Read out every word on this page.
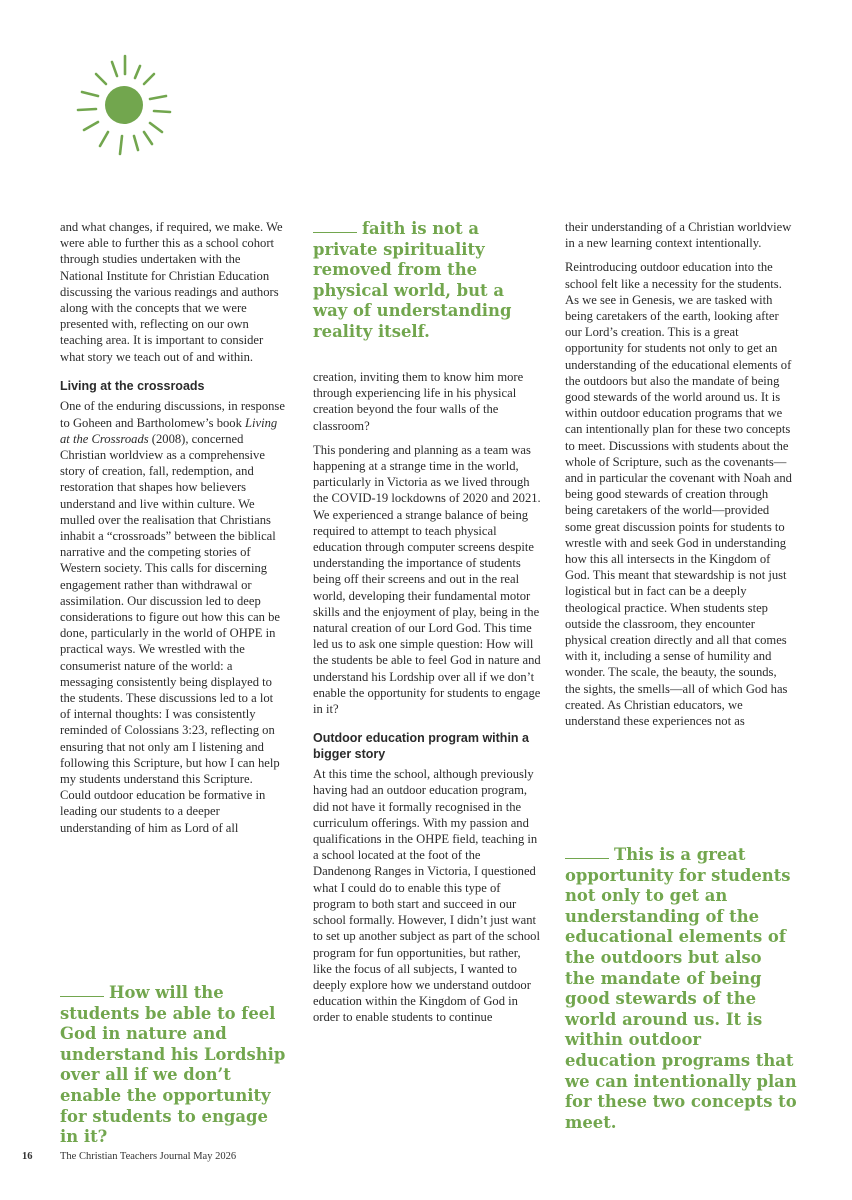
faith is not a private spirituality removed from the physical world, but a way of understanding reality itself.

and what changes, if required, we make. We were able to further this as a school cohort through studies undertaken with the National Institute for Christian Education discussing the various readings and authors along with the concepts that we were presented with, reflecting on our own teaching area. It is important to consider what story we teach out of and within.

Living at the crossroads

One of the enduring discussions, in response to Goheen and Bartholomew’s book Living at the Crossroads (2008), concerned Christian worldview as a comprehensive story of creation, fall, redemption, and restoration that shapes how believers understand and live within culture. We mulled over the realisation that Christians inhabit a “crossroads” between the biblical narrative and the competing stories of Western society. This calls for discerning engagement rather than withdrawal or assimilation. Our discussion led to deep considerations to figure out how this can be done, particularly in the world of OHPE in practical ways. We wrestled with the consumerist nature of the world: a messaging consistently being displayed to the students. These discussions led to a lot of internal thoughts: I was consistently reminded of Colossians 3:23, reflecting on ensuring that not only am I listening and following this Scripture, but how I can help my students understand this Scripture. Could outdoor education be formative in leading our students to a deeper understanding of him as Lord of all

How will the students be able to feel God in nature and understand his Lordship over all if we don’t enable the opportunity for students to engage in it?

creation, inviting them to know him more through experiencing life in his physical creation beyond the four walls of the classroom?

This pondering and planning as a team was happening at a strange time in the world, particularly in Victoria as we lived through the COVID-19 lockdowns of 2020 and 2021. We experienced a strange balance of being required to attempt to teach physical education through computer screens despite understanding the importance of students being off their screens and out in the real world, developing their fundamental motor skills and the enjoyment of play, being in the natural creation of our Lord God. This time led us to ask one simple question: How will the students be able to feel God in nature and understand his Lordship over all if we don’t enable the opportunity for students to engage in it?

Outdoor education program within a bigger story

At this time the school, although previously having had an outdoor education program, did not have it formally recognised in the curriculum offerings. With my passion and qualifications in the OHPE field, teaching in a school located at the foot of the Dandenong Ranges in Victoria, I questioned what I could do to enable this type of program to both start and succeed in our school formally. However, I didn’t just want to set up another subject as part of the school program for fun opportunities, but rather, like the focus of all subjects, I wanted to deeply explore how we understand outdoor education within the Kingdom of God in order to enable students to continue

their understanding of a Christian worldview in a new learning context intentionally.

Reintroducing outdoor education into the school felt like a necessity for the students. As we see in Genesis, we are tasked with being caretakers of the earth, looking after our Lord’s creation. This is a great opportunity for students not only to get an understanding of the educational elements of the outdoors but also the mandate of being good stewards of the world around us. It is within outdoor education programs that we can intentionally plan for these two concepts to meet. Discussions with students about the whole of Scripture, such as the covenants—and in particular the covenant with Noah and being good stewards of creation through being caretakers of the world—provided some great discussion points for students to wrestle with and seek God in understanding how this all intersects in the Kingdom of God. This meant that stewardship is not just logistical but in fact can be a deeply theological practice. When students step outside the classroom, they encounter physical creation directly and all that comes with it, including a sense of humility and wonder. The scale, the beauty, the sounds, the sights, the smells—all of which God has created. As Christian educators, we understand these experiences not as

This is a great opportunity for students not only to get an understanding of the educational elements of the outdoors but also the mandate of being good stewards of the world around us. It is within outdoor education programs that we can intentionally plan for these two concepts to meet.
16	The Christian Teachers Journal May 2026
